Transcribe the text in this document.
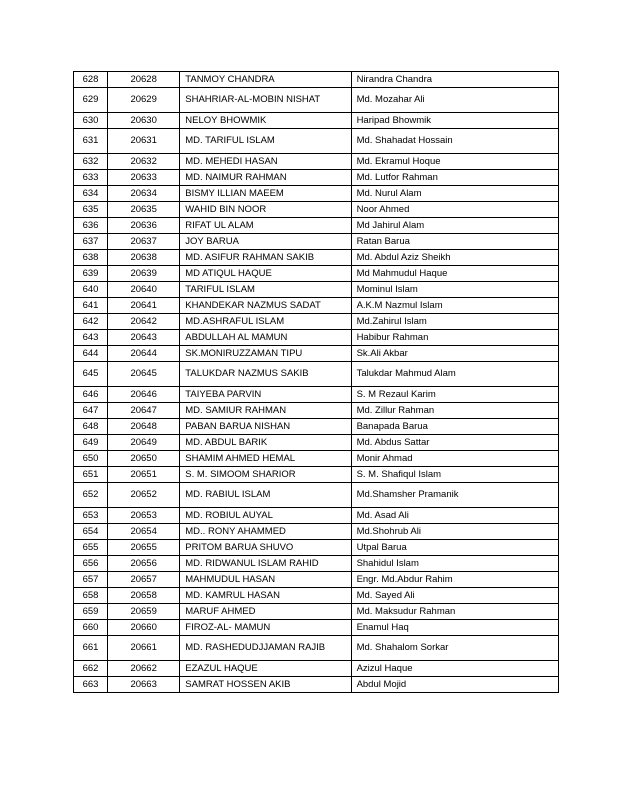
628	20628	TANMOY CHANDRA	Nirandra Chandra
629	20629	SHAHRIAR-AL-MOBIN NISHAT	Md. Mozahar Ali
630	20630	NELOY BHOWMIK	Haripad Bhowmik
631	20631	MD. TARIFUL ISLAM	Md. Shahadat Hossain
632	20632	MD. MEHEDI HASAN	Md. Ekramul Hoque
633	20633	MD. NAIMUR RAHMAN	Md. Lutfor Rahman
634	20634	BISMY ILLIAN MAEEM	Md. Nurul Alam
635	20635	WAHID BIN NOOR	Noor Ahmed
636	20636	RIFAT UL ALAM	Md Jahirul Alam
637	20637	JOY BARUA	Ratan Barua
638	20638	MD. ASIFUR RAHMAN SAKIB	Md. Abdul Aziz Sheikh
639	20639	MD ATIQUL HAQUE	Md Mahmudul Haque
640	20640	TARIFUL ISLAM	Mominul Islam
641	20641	KHANDEKAR NAZMUS SADAT	A.K.M Nazmul Islam
642	20642	MD.ASHRAFUL ISLAM	Md.Zahirul Islam
643	20643	ABDULLAH AL MAMUN	Habibur Rahman
644	20644	SK.MONIRUZZAMAN TIPU	Sk.Ali Akbar
645	20645	TALUKDAR NAZMUS SAKIB	Talukdar Mahmud Alam
646	20646	TAIYEBA PARVIN	S. M Rezaul Karim
647	20647	MD. SAMIUR RAHMAN	Md. Zillur Rahman
648	20648	PABAN BARUA NISHAN	Banapada Barua
649	20649	MD. ABDUL BARIK	Md. Abdus Sattar
650	20650	SHAMIM AHMED HEMAL	Monir Ahmad
651	20651	S. M. SIMOOM SHARIOR	S. M. Shafiqul Islam
652	20652	MD. RABIUL ISLAM	Md.Shamsher Pramanik
653	20653	MD. ROBIUL AUYAL	Md. Asad Ali
654	20654	MD.. RONY AHAMMED	Md.Shohrub Ali
655	20655	PRITOM BARUA SHUVO	Utpal Barua
656	20656	MD. RIDWANUL ISLAM RAHID	Shahidul Islam
657	20657	MAHMUDUL HASAN	Engr. Md.Abdur Rahim
658	20658	MD. KAMRUL HASAN	Md. Sayed Ali
659	20659	MARUF AHMED	Md. Maksudur Rahman
660	20660	FIROZ-AL- MAMUN	Enamul Haq
661	20661	MD. RASHEDUDJJAMAN RAJIB	Md. Shahalom Sorkar
662	20662	EZAZUL HAQUE	Azizul Haque
663	20663	SAMRAT HOSSEN AKIB	Abdul Mojid
